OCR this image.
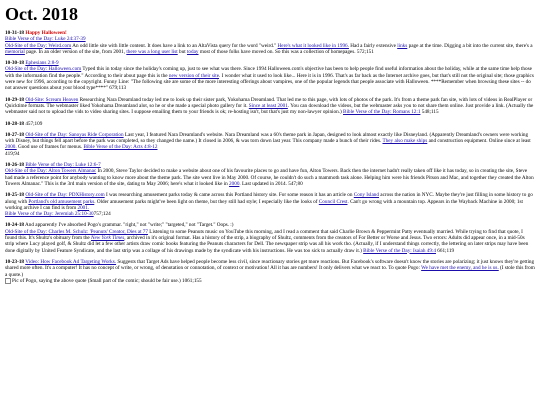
Oct. 2018
10-31-18 Happy Halloween!
Bible Verse of the Day: Luke 24:37-39
Old-Site of the Day: Weird.com An odd little site with little content. It does have a link to an AltaVista query for the word "weird." Here's what it looked like in 1996. Had a fairly extensive links page at the time. Digging a bit into the current site, there's a memorial page. In an older version of the site, from 2001, there was a long user list but today most of those folks have moved on. So this was a collection of homepages. 572;151
10-30-18 Ephesians 2:8-9
Old-Site of the Day: Halloween.com Typed this in today since the holiday's coming up, just to see what was there. Since 1994 Halloween.com's objective has been to help people find useful information about the holiday, while at the same time help those with the information find the people." According to their about page this is the new version of their site. I wonder what it used to look like... Here it is in 1996. That's as far back as the Internet archive goes, but that's still not the original site; those graphics were new for 1996, according to the copyright. Funny Line: "The following site are some of the more interesting offerings about vampires, one of the popular legends that people associate with Halloween. ****Remember when browsing these sites -- do not answer questions about your blood type****" 679;113
10-29-18 Old-Site: Scream Heaven Researching Nara Dreamland today led me to look up their sister park, Yokohama Dreamland. That led me to this page, with lots of photos of the park. It's from a theme park fan site, with lots of videos in RealPlayer or Quicktime formats. The webmaster liked Yokohama Dreamland alot, so he or she made a special photo gallery for it. Since at least 2001. You can download the videos, but the webmaster asks you to not share them online. Just provide a link. (Actually the webmaster said not to upload the vids to video sharing sites. I suppose emailing them to your friends is ok; re-hosting isn't, but that's just my non-lawyer opinion.) Bible Verse of the Day: Romans 12:1 548;115
10-28-18 457;109
10-27-18 Old-Site of the Day: Sanoyas Ride Corporation Last year, I featured Nara Dreamland's website. Nara Dreamland was a 60's theme park in Japan, designed to look almost exactly like Disneyland. (Apparently Dreamland's owners were working with Disney, but things fell apart before the park was completed, so they changed the name.) It closed in 2006, & was torn down last year. This company made a bunch of their rides. They also make ships and construction equipment. Online since at least 2000. Good use of frames for menus. Bible Verse of the Day: Acts 4:8-12
419;94
10-26-18 Bible Verse of the Day: Luke 12:6-7
Old-Site of the Day: Alton Towers Almanac In 2000, Steve Taylor decided to make a website about one of his favourite places to go and have fun, Alton Towers. Back then the internet hadn't really taken off like it has today, so in creating the site, Steve had made a reference point for anybody wanting to know more about the theme park. The site went live in May 2000. Of course, he couldn't do such a mammoth task alone. Helping him were his friends Pitson and Mac, and together they created the Alton Towers Almanac." This is the 3rd main version of the site, dating to May 2006; here's what it looked like in 2000. Last updated in 2014. 547;80
10-25-18 Old-Site of the Day: PDXHistory.com I was researching amusement parks today & came across this Portland history site. For some reason it has an article on Cony Island across the nation in NYC. Maybe they're just filling in some history to go along with Portland's old amusement parks. Older amusement parks might've been light on theme, but they still had style; I especially like the looks of Council Crest. Can't go wrong with a mountain top. Appears in the Wayback Machine in 2000; 1st working archive I can find is from 2001.
Bible Verse of the Day: Jeremiah 25:10-30757;124
10-24-18 And apparently I've absorbed Pogo's grammar. "right," not "write;" "targeted," not "Target." Oops. :)
Old-Site of the Day: Charles M. Schulz: 'Peanuts' Creator, Dies at 77 Listening to some Peanuts music on YouTube this morning, and I read a comment that said Charlie Brown & Peppermint Patty eventually married. While trying to find that quote, I found this. It's Shultz's obituary from the New York Times, archived in it's original format. Has a history of the strip, a biography of Shultz, comments from the creators of For Better or Worse and Jesus. Two errors: Adults did appear once, in a mid-50s strip where Lucy played golf, & Shultz did let a few other artists draw comic books featuring the Peanuts characters for Dell. The newspaper strip was all his work tho. (Actually, if I understand things correctly, the lettering on later strips may have been done digitally by United Feature Syndicate, and the last strip was a collage of his drawings made by the syndicate with his instructions. He was too sick to actually draw it.) Bible Verse of the Day: Isaiah 49:4 661;119
10-23-18 Video: How Facebook Ad Targeting Works. Suggests that Target Ads have helped people become less civil, since reactionary stories get more reactions. But Facebook's software doesn't know the stories are polarizing; it just knows they're getting shared more often. It's a computer! It has no concept of write, or wrong, of denotation or connotation, of context or motivation! All it has are numbers! It only delivers what we react to. To quote Pogo: We have met the enemy, and he is us. (I stole this from a quote.)
Pic of Pogo, saying the above quote (Small part of the comic; should be fair use.) 1061;155
